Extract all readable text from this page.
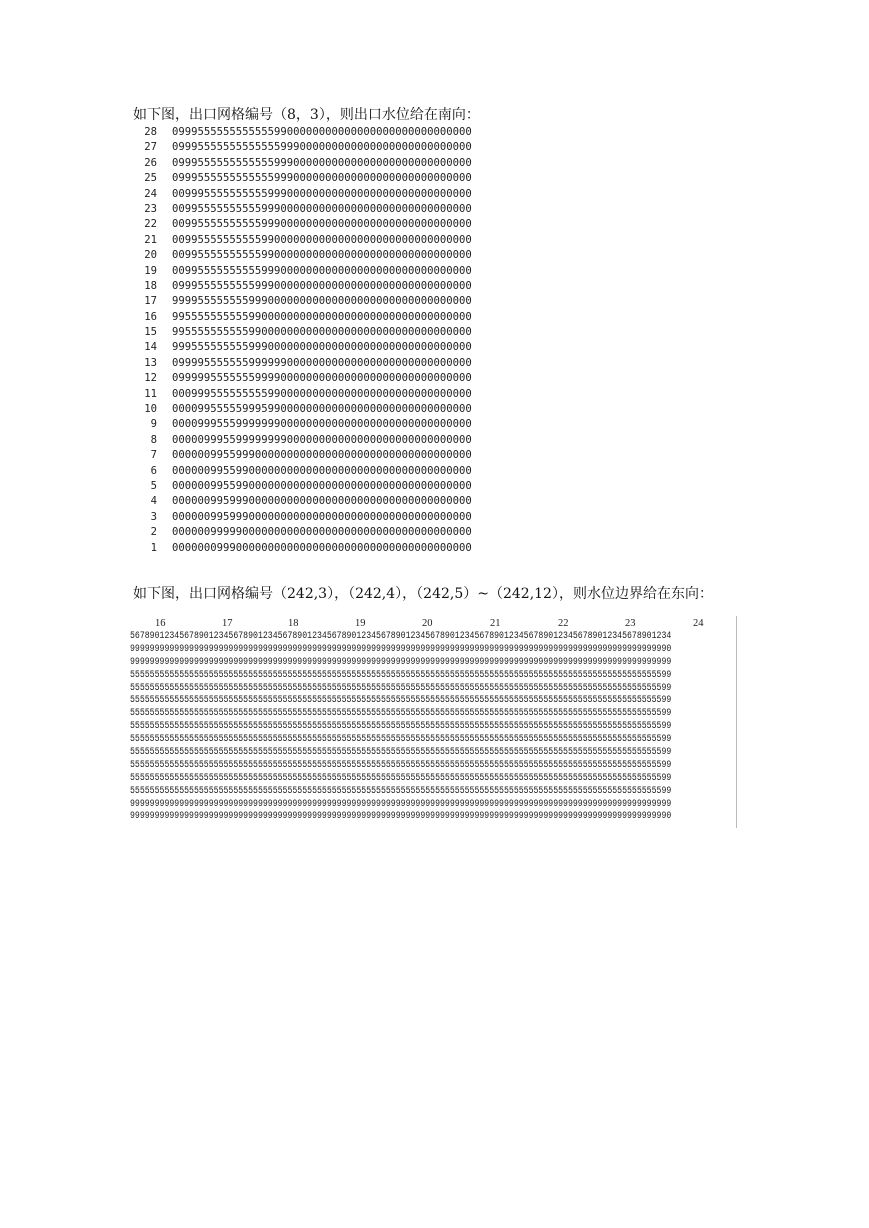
如下图，出口网格编号（8，3），则出口水位给在南向：
28 09995555555555559900000000000000000000000000000
27 09995555555555555999000000000000000000000000000
26 09995555555555559990000000000000000000000000000
25 09995555555555559990000000000000000000000000000
24 00999555555555599900000000000000000000000000000
23 00995555555555999000000000000000000000000000000
22 00995555555555999000000000000000000000000000000
21 00995555555555990000000000000000000000000000000
20 00995555555555990000000000000000000000000000000
19 00995555555555999000000000000000000000000000000
18 09995555555559990000000000000000000000000000000
17 99995555555599900000000000000000000000000000000
16 99555555555599000000000000000000000000000000000
15 99555555555599000000000000000000000000000000000
14 99955555555599900000000000000000000000000000000
13 09999555555599999900000000000000000000000000000
12 09999955555559999000000000000000000000000000000
11 00099955555555599000000000000000000000000000000
10 00009955555999599000000000000000000000000000000
9 00009995559999999000000000000000000000000000000
8 00000999559999999900000000000000000000000000000
7 00000099559990000000000000000000000000000000000
6 00000099559900000000000000000000000000000000000
5 00000099559900000000000000000000000000000000000
4 00000099599900000000000000000000000000000000000
3 00000099599900000000000000000000000000000000000
2 00000099999000000000000000000000000000000000000
1 00000009990000000000000000000000000000000000000
如下图，出口网格编号（242,3），（242,4），（242,5）~（242,12），则水位边界给在东向：
16	17	18	19	20	21	22	23	24
56789012345678901234567890123456789012345678901234567890123456789012345678901234567890123456789012345678901234
99999999999999999999999999999999999999999999999999999999999999999999999999999999999999999999999999999999999990
99999999999999999999999999999999999999999999999999999999999999999999999999999999999999999999999999999999999999
55555555555555555555555555555555555555555555555555555555555555555555555555555555555555555555555555555555555599
55555555555555555555555555555555555555555555555555555555555555555555555555555555555555555555555555555555555599
55555555555555555555555555555555555555555555555555555555555555555555555555555555555555555555555555555555555599
55555555555555555555555555555555555555555555555555555555555555555555555555555555555555555555555555555555555599
55555555555555555555555555555555555555555555555555555555555555555555555555555555555555555555555555555555555599
55555555555555555555555555555555555555555555555555555555555555555555555555555555555555555555555555555555555599
55555555555555555555555555555555555555555555555555555555555555555555555555555555555555555555555555555555555599
55555555555555555555555555555555555555555555555555555555555555555555555555555555555555555555555555555555555599
55555555555555555555555555555555555555555555555555555555555555555555555555555555555555555555555555555555555599
55555555555555555555555555555555555555555555555555555555555555555555555555555555555555555555555555555555555599
99999999999999999999999999999999999999999999999999999999999999999999999999999999999999999999999999999999999999
99999999999999999999999999999999999999999999999999999999999999999999999999999999999999999999999999999999999990
